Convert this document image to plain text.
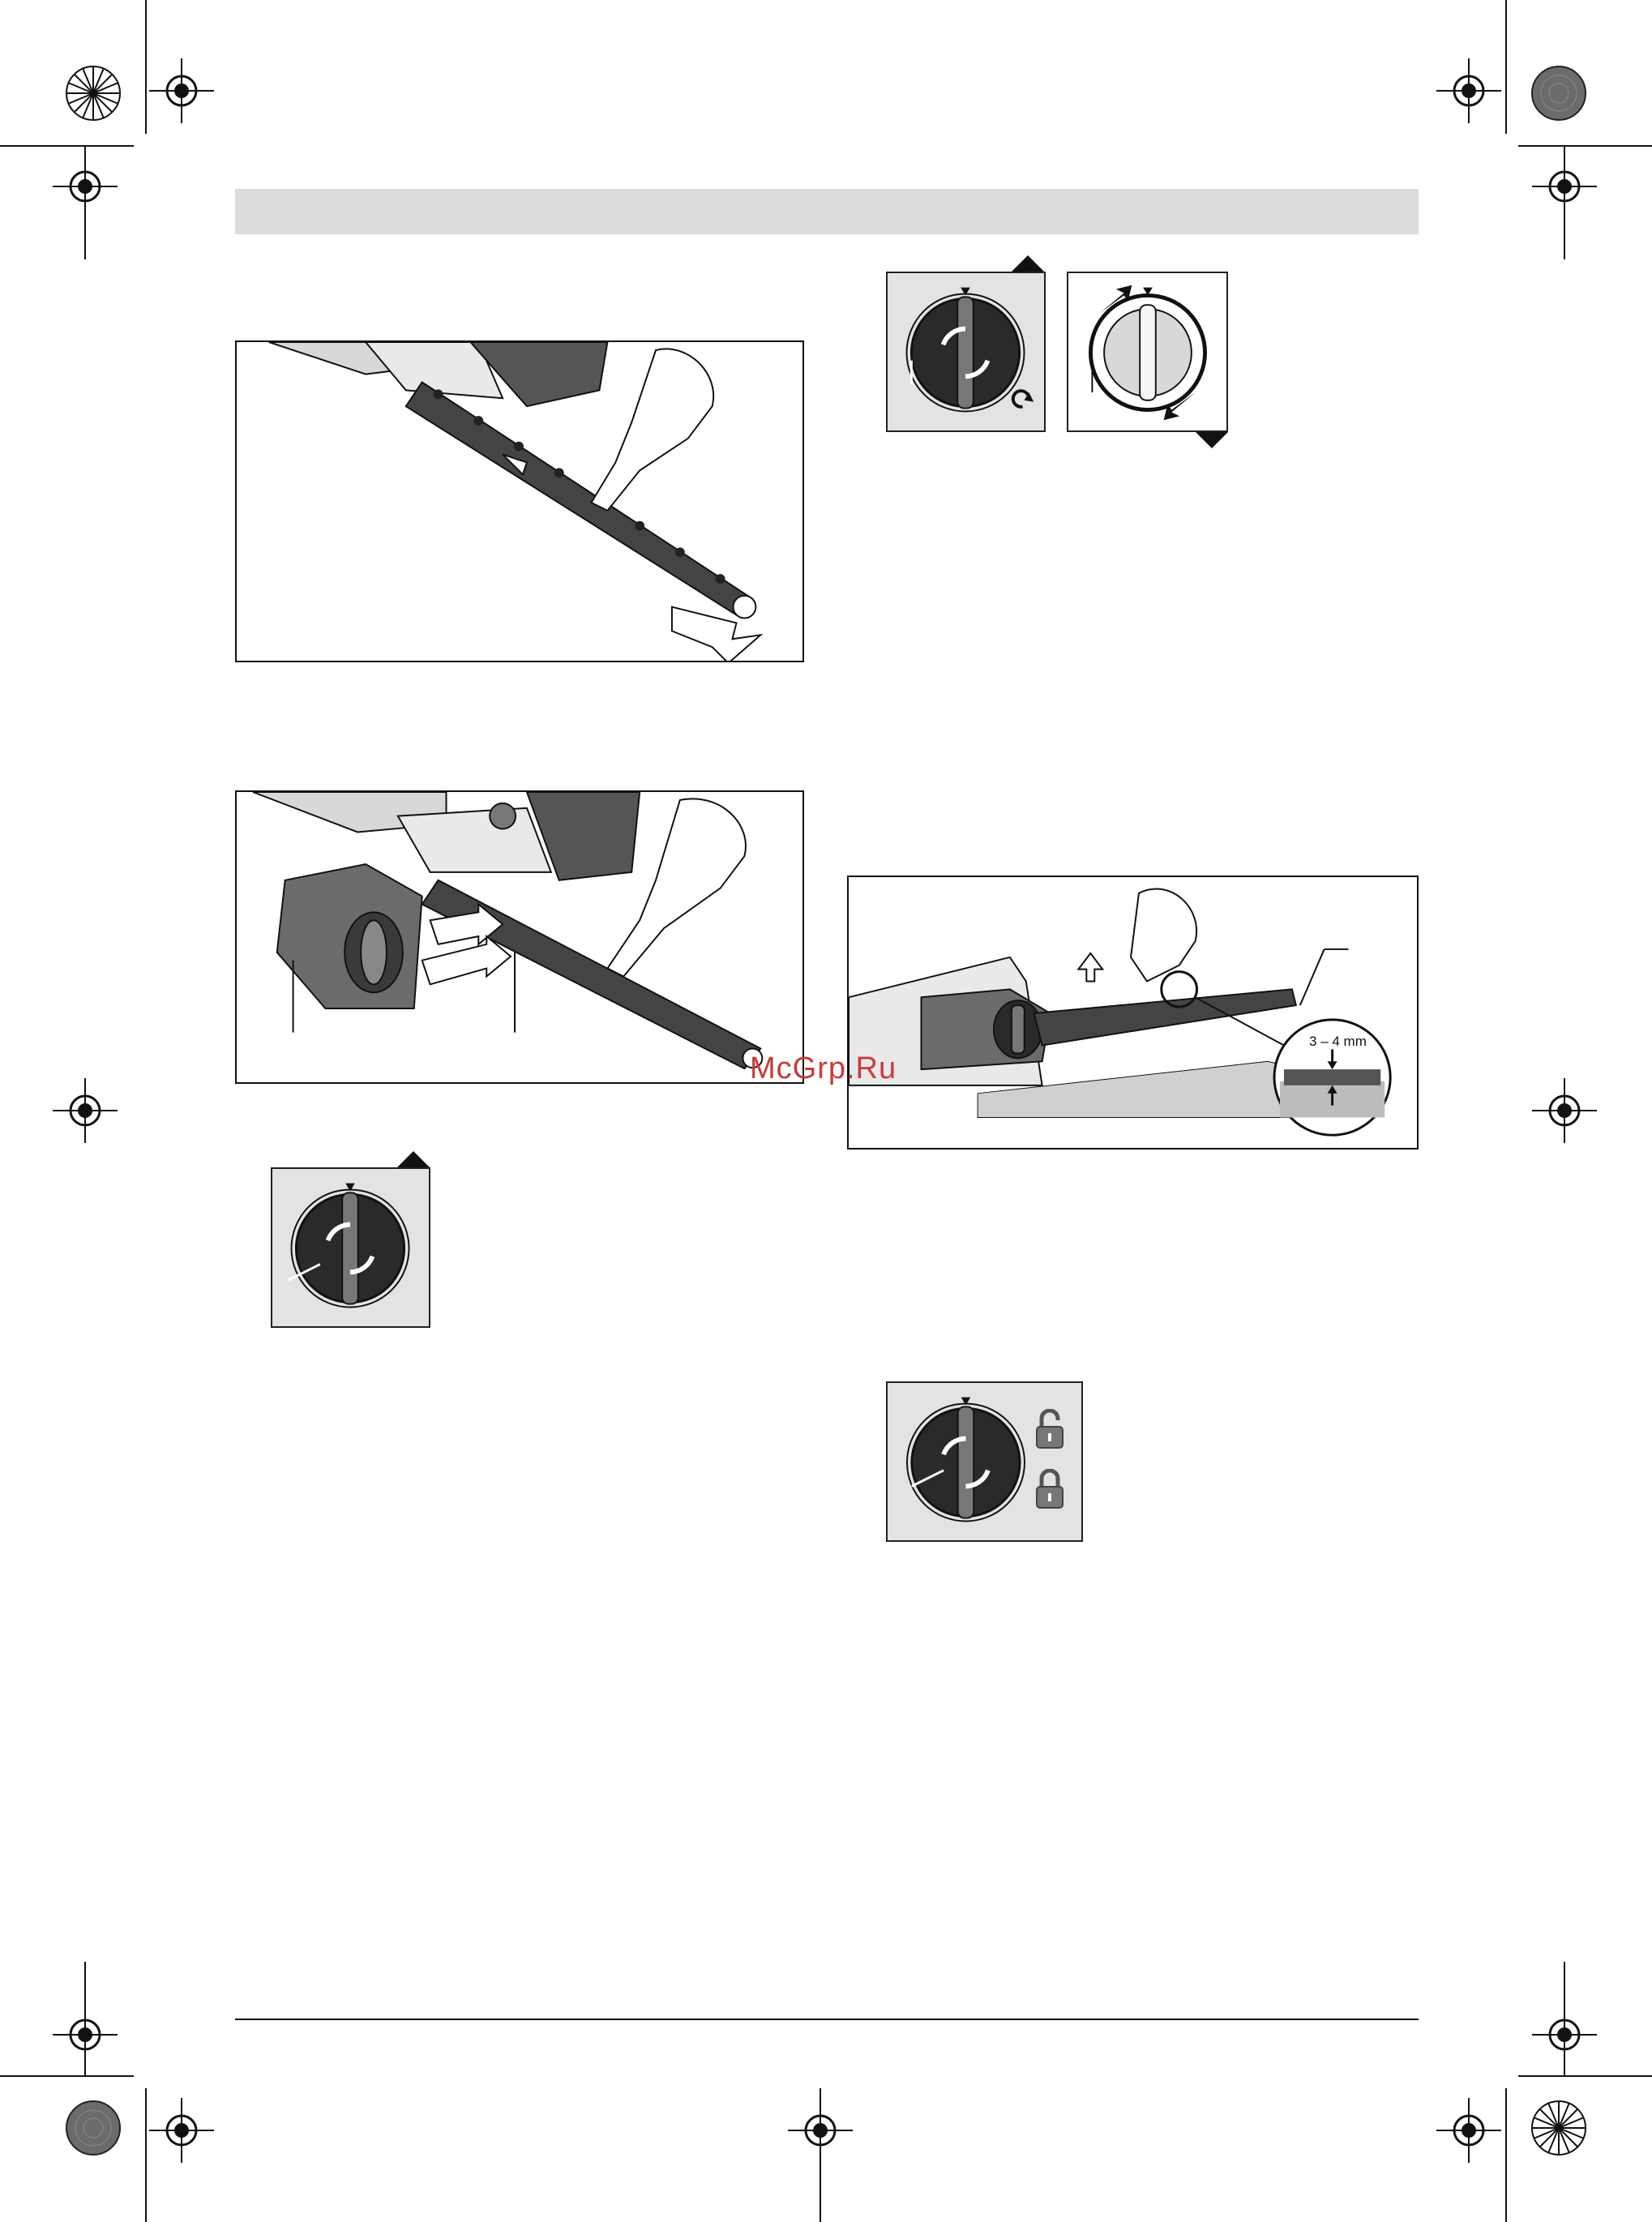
3 – 4 mm
McGrp.Ru
